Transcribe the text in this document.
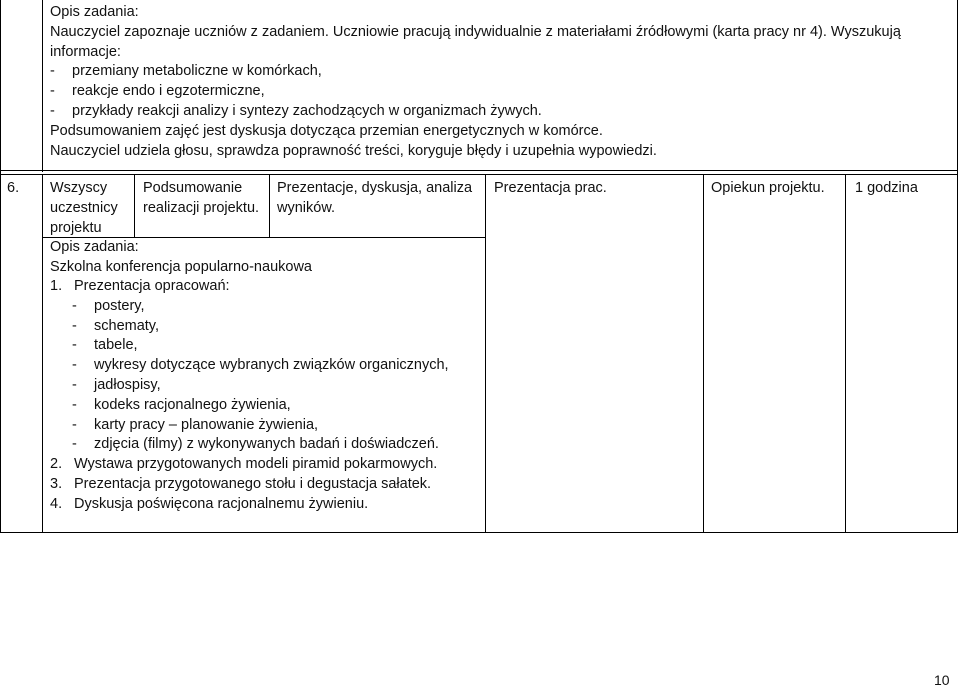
Opis zadania:
Nauczyciel zapoznaje uczniów z zadaniem. Uczniowie pracują indywidualnie z materiałami źródłowymi (karta pracy nr 4). Wyszukują
informacje:
- przemiany metaboliczne w komórkach,
- reakcje endo i egzotermiczne,
- przykłady reakcji analizy i syntezy zachodzących w organizmach żywych.
Podsumowaniem zajęć jest dyskusja dotycząca przemian energetycznych w komórce.
Nauczyciel udziela głosu, sprawdza poprawność treści, koryguje błędy i uzupełnia wypowiedzi.
6. Wszyscy
uczestnicy
projektu
Podsumowanie
realizacji projektu.
Prezentacje, dyskusja, analiza
wyników.
Prezentacja prac.	Opiekun projektu. 1 godzina
Opis zadania:
Szkolna konferencja popularno-naukowa
1. Prezentacja opracowań:
- postery,
- schematy,
- tabele,
- wykresy dotyczące wybranych związków organicznych,
- jadłospisy,
- kodeks racjonalnego żywienia,
- karty pracy – planowanie żywienia,
- zdjęcia (filmy) z wykonywanych badań i doświadczeń.
2. Wystawa przygotowanych modeli piramid pokarmowych.
3. Prezentacja przygotowanego stołu i degustacja sałatek.
4. Dyskusja poświęcona racjonalnemu żywieniu.
10
